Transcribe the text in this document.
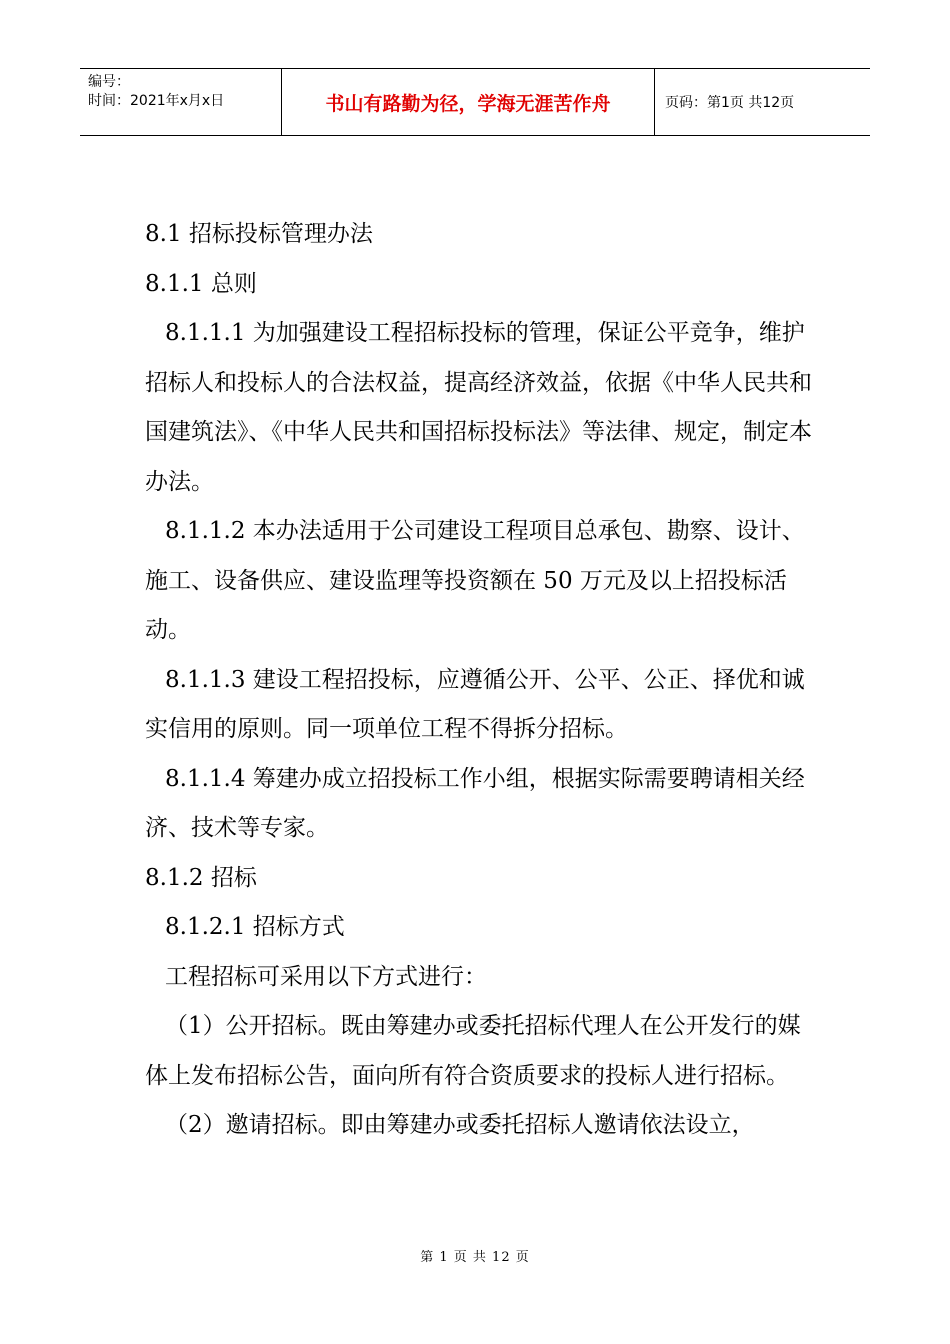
编号：
时间：2021年x月x日	书山有路勤为径，学海无涯苦作舟	页码：第1页 共12页

8.1 招标投标管理办法

8.1.1 总则

8.1.1.1 为加强建设工程招标投标的管理，保证公平竞争，维护招标人和投标人的合法权益，提高经济效益，依据《中华人民共和国建筑法》、《中华人民共和国招标投标法》等法律、规定，制定本办法。

8.1.1.2 本办法适用于公司建设工程项目总承包、勘察、设计、施工、设备供应、建设监理等投资额在 50 万元及以上招投标活动。

8.1.1.3 建设工程招投标，应遵循公开、公平、公正、择优和诚实信用的原则。同一项单位工程不得拆分招标。

8.1.1.4 筹建办成立招投标工作小组，根据实际需要聘请相关经济、技术等专家。

8.1.2 招标

8.1.2.1 招标方式

工程招标可采用以下方式进行：

（1）公开招标。既由筹建办或委托招标代理人在公开发行的媒体上发布招标公告，面向所有符合资质要求的投标人进行招标。

（2）邀请招标。即由筹建办或委托招标人邀请依法设立，

第 1 页 共 12 页
